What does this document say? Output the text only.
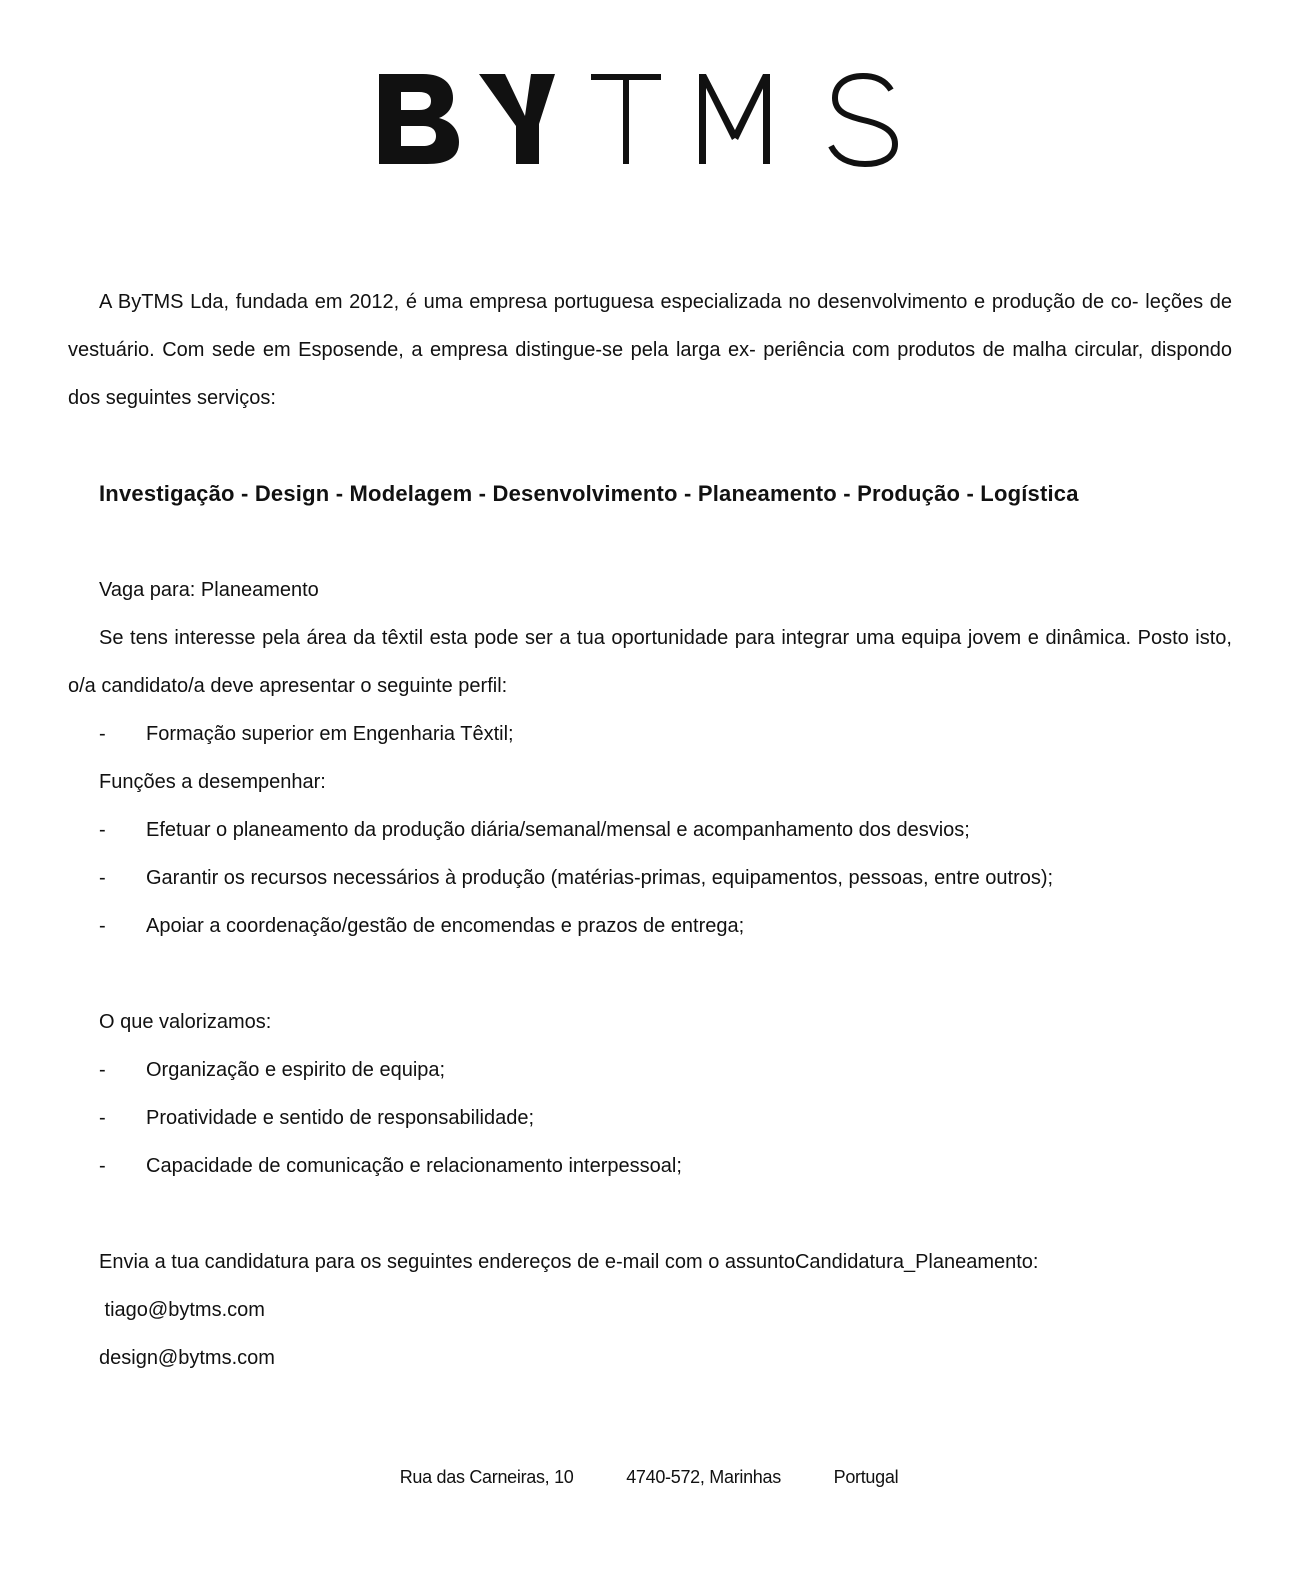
BYTMS

A ByTMS Lda, fundada em 2012, é uma empresa portuguesa especializada no desenvolvimento e produção de co- leções de vestuário. Com sede em Esposende, a empresa distingue-se pela larga ex- periência com produtos de malha circular, dispondo dos seguintes serviços:

Investigação - Design - Modelagem - Desenvolvimento - Planeamento - Produção - Logística

Vaga para: Planeamento

Se tens interesse pela área da têxtil esta pode ser a tua oportunidade para integrar uma equipa jovem e dinâmica. Posto isto, o/a candidato/a deve apresentar o seguinte perfil:

- Formação superior em Engenharia Têxtil;

Funções a desempenhar:

- Efetuar o planeamento da produção diária/semanal/mensal e acompanhamento dos desvios;

- Garantir os recursos necessários à produção (matérias-primas, equipamentos, pessoas, entre outros);

- Apoiar a coordenação/gestão de encomendas e prazos de entrega;

O que valorizamos:

- Organização e espirito de equipa;

- Proatividade e sentido de responsabilidade;

- Capacidade de comunicação e relacionamento interpessoal;

Envia a tua candidatura para os seguintes endereços de e-mail com o assuntoCandidatura_Planeamento:

tiago@bytms.com

design@bytms.com

Rua das Carneiras, 10	4740-572, Marinhas	Portugal
